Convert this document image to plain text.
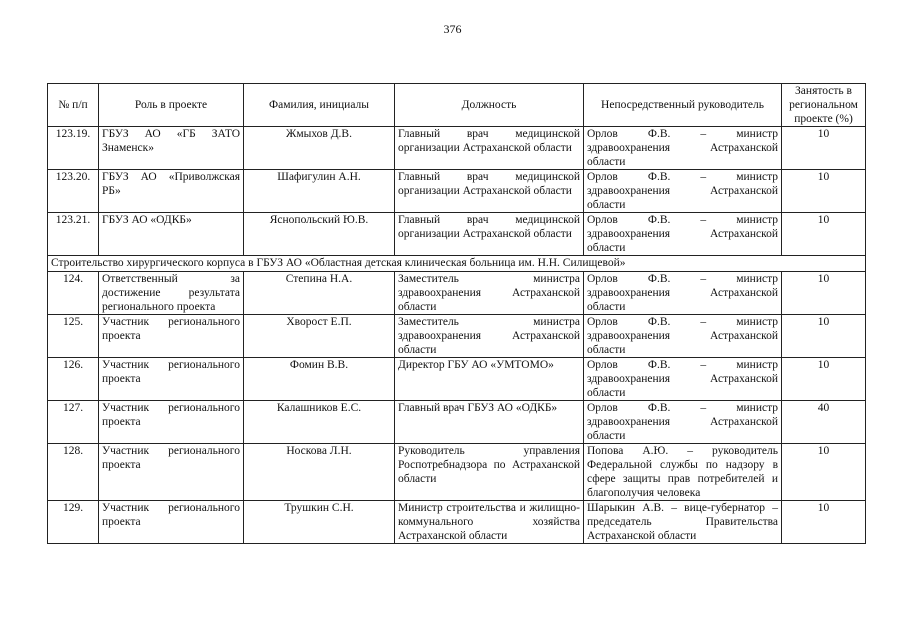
376
№ п/п	Роль в проекте	Фамилия, инициалы	Должность	Непосредственный руководитель	Занятость в региональном проекте (%)
123.19.	ГБУЗ АО «ГБ ЗАТО Знаменск»	Жмыхов Д.В.	Главный врач медицинской организации Астраханской области	Орлов Ф.В. – министр здравоохранения Астраханской области	10
123.20.	ГБУЗ АО «Приволжская РБ»	Шафигулин А.Н.	Главный врач медицинской организации Астраханской области	Орлов Ф.В. – министр здравоохранения Астраханской области	10
123.21.	ГБУЗ АО «ОДКБ»	Яснопольский Ю.В.	Главный врач медицинской организации Астраханской области	Орлов Ф.В. – министр здравоохранения Астраханской области	10
Строительство хирургического корпуса в ГБУЗ АО «Областная детская клиническая больница им. Н.Н. Силищевой»					
124.	Ответственный за достижение результата регионального проекта	Степина Н.А.	Заместитель министра здравоохранения Астраханской области	Орлов Ф.В. – министр здравоохранения Астраханской области	10
125.	Участник регионального проекта	Хворост Е.П.	Заместитель министра здравоохранения Астраханской области	Орлов Ф.В. – министр здравоохранения Астраханской области	10
126.	Участник регионального проекта	Фомин В.В.	Директор ГБУ АО «УМТОМО»	Орлов Ф.В. – министр здравоохранения Астраханской области	10
127.	Участник регионального проекта	Калашников Е.С.	Главный врач ГБУЗ АО «ОДКБ»	Орлов Ф.В. – министр здравоохранения Астраханской области	40
128.	Участник регионального проекта	Носкова Л.Н.	Руководитель управления Роспотребнадзора по Астраханской области	Попова А.Ю. – руководитель Федеральной службы по надзору в сфере защиты прав потребителей и благополучия человека	10
129.	Участник регионального проекта	Трушкин С.Н.	Министр строительства и жилищно-коммунального хозяйства Астраханской области	Шарыкин А.В. – вице-губернатор – председатель Правительства Астраханской области	10
